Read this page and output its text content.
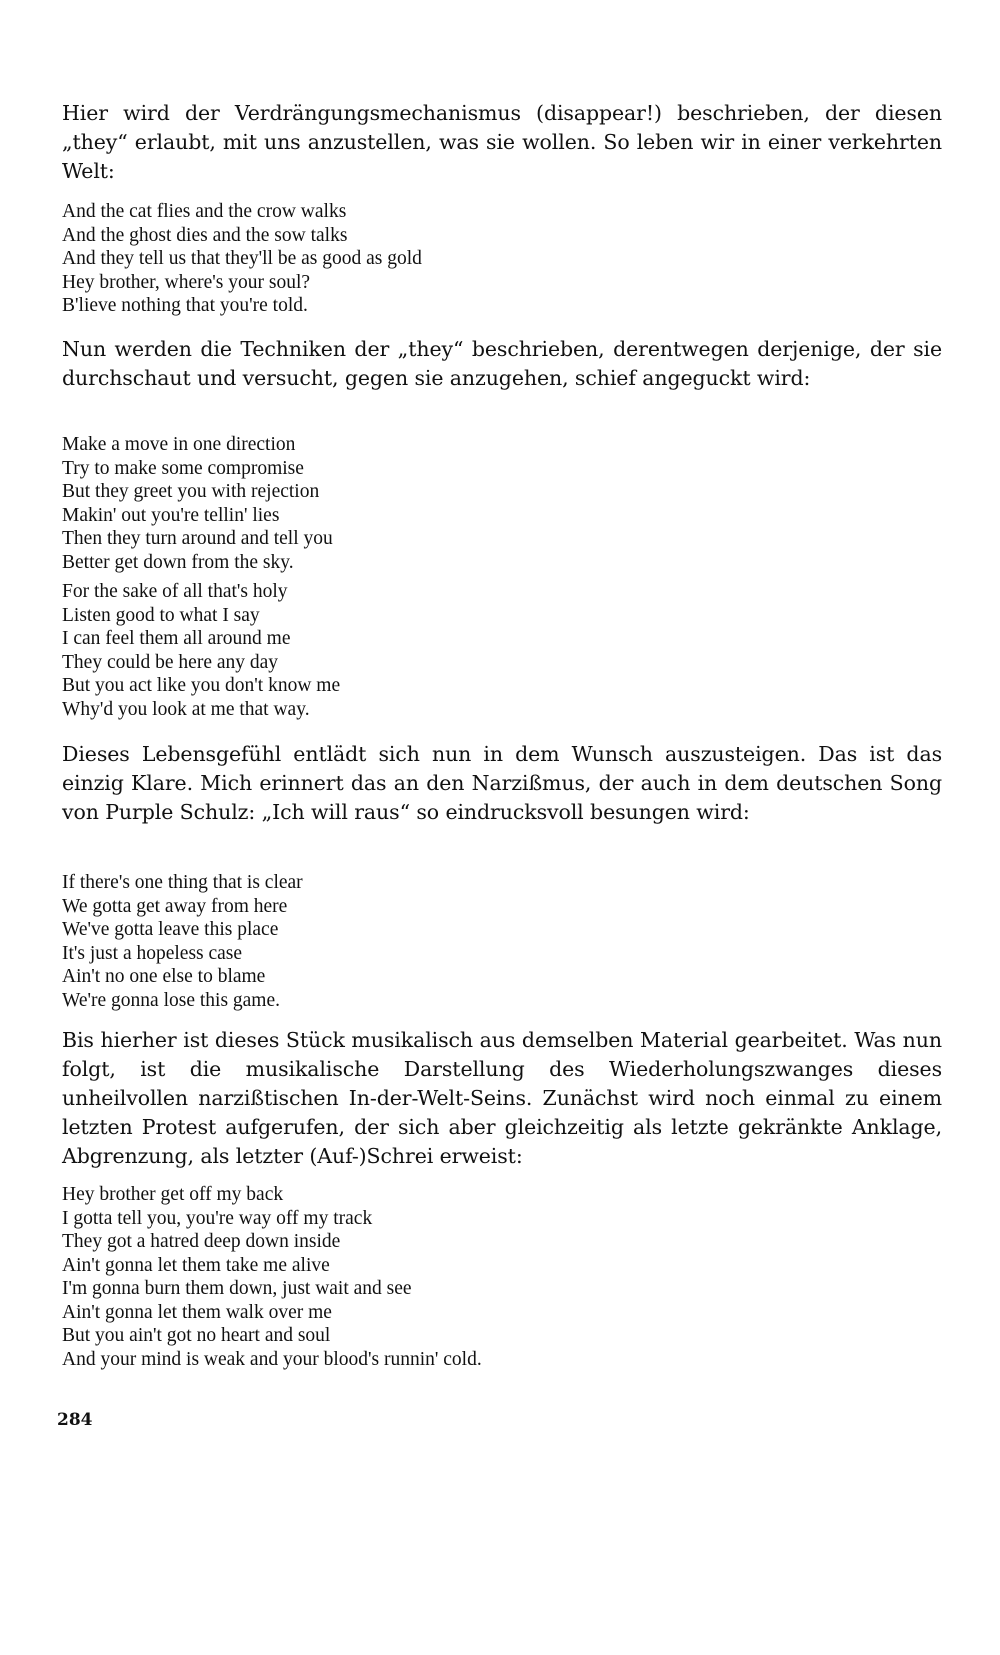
Hier wird der Verdrängungsmechanismus (disappear!) beschrieben, der diesen „they“ erlaubt, mit uns anzustellen, was sie wollen. So leben wir in einer verkehrten Welt:

And the cat flies and the crow walks
And the ghost dies and the sow talks
And they tell us that they'll be as good as gold
Hey brother, where's your soul?
B'lieve nothing that you're told.

Nun werden die Techniken der „they“ beschrieben, derentwegen derjenige, der sie durchschaut und versucht, gegen sie anzugehen, schief angeguckt wird:

Make a move in one direction
Try to make some compromise
But they greet you with rejection
Makin' out you're tellin' lies
Then they turn around and tell you
Better get down from the sky.
For the sake of all that's holy
Listen good to what I say
I can feel them all around me
They could be here any day
But you act like you don't know me
Why'd you look at me that way.

Dieses Lebensgefühl entlädt sich nun in dem Wunsch auszusteigen. Das ist das einzig Klare. Mich erinnert das an den Narzißmus, der auch in dem deutschen Song von Purple Schulz: „Ich will raus“ so eindrucksvoll besungen wird:

If there's one thing that is clear
We gotta get away from here
We've gotta leave this place
It's just a hopeless case
Ain't no one else to blame
We're gonna lose this game.

Bis hierher ist dieses Stück musikalisch aus demselben Material gearbeitet. Was nun folgt, ist die musikalische Darstellung des Wiederholungszwanges dieses unheilvollen narzißtischen In-der-Welt-Seins. Zunächst wird noch einmal zu einem letzten Protest aufgerufen, der sich aber gleichzeitig als letzte gekränkte Anklage, Abgrenzung, als letzter (Auf-)Schrei erweist:

Hey brother get off my back
I gotta tell you, you're way off my track
They got a hatred deep down inside
Ain't gonna let them take me alive
I'm gonna burn them down, just wait and see
Ain't gonna let them walk over me
But you ain't got no heart and soul
And your mind is weak and your blood's runnin' cold.

284
